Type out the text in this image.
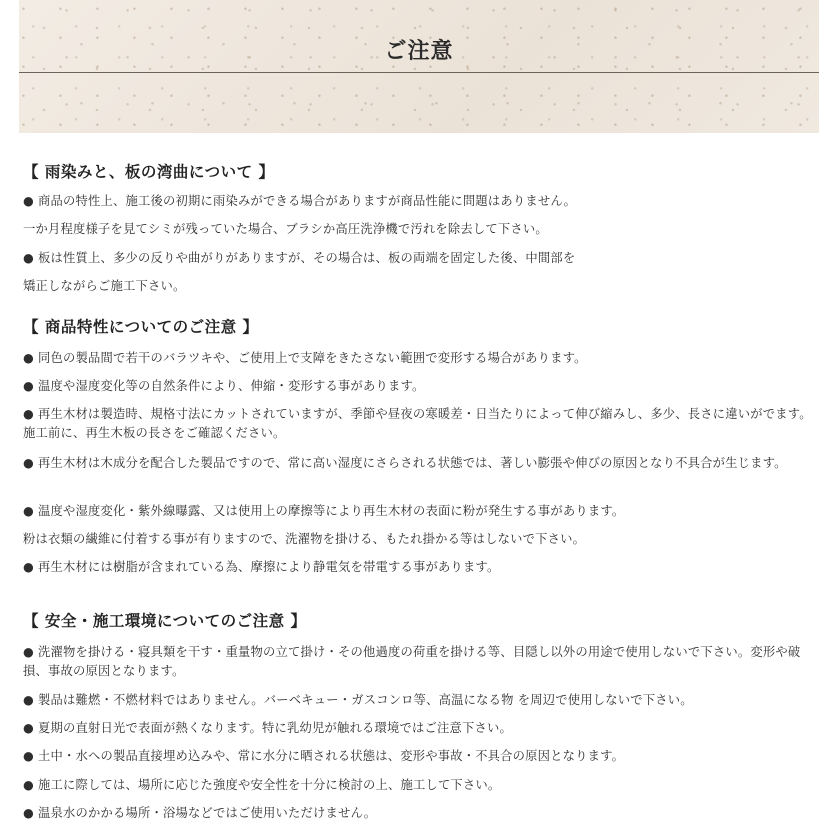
ご注意
【 雨染みと、板の湾曲について 】
● 商品の特性上、施工後の初期に雨染みができる場合がありますが商品性能に問題はありません。
一か月程度様子を見てシミが残っていた場合、ブラシか高圧洗浄機で汚れを除去して下さい。
● 板は性質上、多少の反りや曲がりがありますが、その場合は、板の両端を固定した後、中間部を
矯正しながらご施工下さい。
【 商品特性についてのご注意 】
● 同色の製品間で若干のバラツキや、ご使用上で支障をきたさない範囲で変形する場合があります。
● 温度や湿度変化等の自然条件により、伸縮・変形する事があります。
● 再生木材は製造時、規格寸法にカットされていますが、季節や昼夜の寒暖差・日当たりによって伸び縮みし、多少、長さに違いがでます。施工前に、再生木板の長さをご確認ください。
● 再生木材は木成分を配合した製品ですので、常に高い湿度にさらされる状態では、著しい膨張や伸びの原因となり不具合が生じます。
● 温度や湿度変化・紫外線曝露、又は使用上の摩擦等により再生木材の表面に粉が発生する事があります。
粉は衣類の繊維に付着する事が有りますので、洗濯物を掛ける、もたれ掛かる等はしないで下さい。
● 再生木材には樹脂が含まれている為、摩擦により静電気を帯電する事があります。
【 安全・施工環境についてのご注意 】
● 洗濯物を掛ける・寝具類を干す・重量物の立て掛け・その他過度の荷重を掛ける等、目隠し以外の用途で使用しないで下さい。変形や破損、事故の原因となります。
● 製品は難燃・不燃材料ではありません。バーベキュー・ガスコンロ等、高温になる物 を周辺で使用しないで下さい。
● 夏期の直射日光で表面が熱くなります。特に乳幼児が触れる環境ではご注意下さい。
● 土中・水への製品直接埋め込みや、常に水分に晒される状態は、変形や事故・不具合の原因となります。
● 施工に際しては、場所に応じた強度や安全性を十分に検討の上、施工して下さい。
● 温泉水のかかる場所・浴場などではご使用いただけません。
